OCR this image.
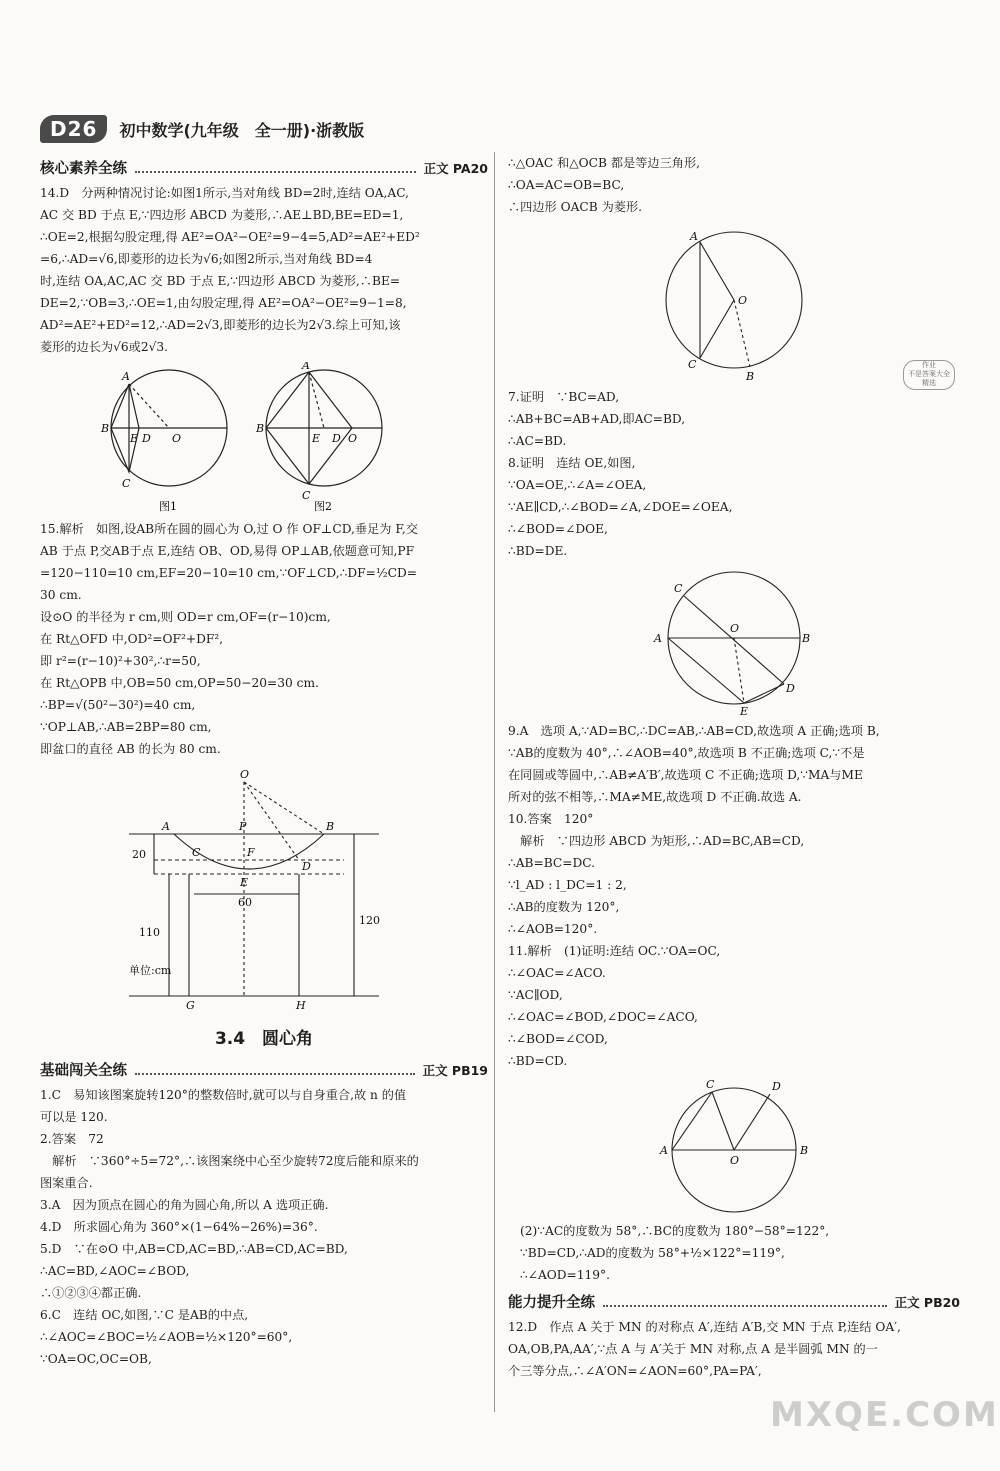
D26	初中数学(九年级　全一册)·浙教版
核心素养全练	正文 PA20
14.D　分两种情况讨论:如图1所示,当对角线 BD=2时,连结 OA,AC,
AC 交 BD 于点 E,∵四边形 ABCD 为菱形,∴AE⊥BD,BE=ED=1,
∴OE=2,根据勾股定理,得 AE²=OA²−OE²=9−4=5,AD²=AE²+ED²
=6,∴AD=√6,即菱形的边长为√6;如图2所示,当对角线 BD=4
时,连结 OA,AC,AC 交 BD 于点 E,∵四边形 ABCD 为菱形,∴BE=
DE=2,∵OB=3,∴OE=1,由勾股定理,得 AE²=OA²−OE²=9−1=8,
AD²=AE²+ED²=12,∴AD=2√3,即菱形的边长为2√3.综上可知,该
菱形的边长为√6或2√3.
A
B
C
D
E	O
A
B
C
D
E	O
图1	图2
15.解析　如图,设AB所在圆的圆心为 O,过 O 作 OF⊥CD,垂足为 F,交
AB 于点 P,交AB于点 E,连结 OB、OD,易得 OP⊥AB,依题意可知,PF
=120−110=10 cm,EF=20−10=10 cm,∵OF⊥CD,∴DF=½CD=
30 cm.
设⊙O 的半径为 r cm,则 OD=r cm,OF=(r−10)cm,
在 Rt△OFD 中,OD²=OF²+DF²,
即 r²=(r−10)²+30²,∴r=50,
在 Rt△OPB 中,OB=50 cm,OP=50−20=30 cm.
∴BP=√(50²−30²)=40 cm,
∵OP⊥AB,∴AB=2BP=80 cm,
即盆口的直径 AB 的长为 80 cm.
A	P	B
O
C	F
D
E
G	H
20
60
110
120
单位:cm
3.4　圆心角
基础闯关全练	正文 PB19
1.C　易知该图案旋转120°的整数倍时,就可以与自身重合,故 n 的值
可以是 120.
2.答案　72
　解析　∵360°÷5=72°,∴该图案绕中心至少旋转72度后能和原来的
图案重合.
3.A　因为顶点在圆心的角为圆心角,所以 A 选项正确.
4.D　所求圆心角为 360°×(1−64%−26%)=36°.
5.D　∵在⊙O 中,AB=CD,AC=BD,∴AB=CD,AC=BD,
∴AC=BD,∠AOC=∠BOD,
∴①②③④都正确.
6.C　连结 OC,如图,∵C 是AB的中点,
∴∠AOC=∠BOC=½∠AOB=½×120°=60°,
∵OA=OC,OC=OB,
∴△OAC 和△OCB 都是等边三角形,
∴OA=AC=OB=BC,
∴四边形 OACB 为菱形.
A
O
C
B
7.证明　∵BC=AD,
∴AB+BC=AB+AD,即AC=BD,
∴AC=BD.
8.证明　连结 OE,如图,
∵OA=OE,∴∠A=∠OEA,
∵AE∥CD,∴∠BOD=∠A,∠DOE=∠OEA,
∴∠BOD=∠DOE,
∴BD=DE.
C
O
A	B
D
E
9.A　选项 A,∵AD=BC,∴DC=AB,∴AB=CD,故选项 A 正确;选项 B,
∵AB的度数为 40°,∴∠AOB=40°,故选项 B 不正确;选项 C,∵不是
在同圆或等圆中,∴AB≠A′B′,故选项 C 不正确;选项 D,∵MA与ME
所对的弦不相等,∴MA≠ME,故选项 D 不正确.故选 A.
10.答案　120°
　解析　∵四边形 ABCD 为矩形,∴AD=BC,AB=CD,
∴AB=BC=DC.
∵l_AD : l_DC=1 : 2,
∴AB的度数为 120°,
∴∠AOB=120°.
11.解析　(1)证明:连结 OC.∵OA=OC,
∴∠OAC=∠ACO.
∵AC∥OD,
∴∠OAC=∠BOD,∠DOC=∠ACO,
∴∠BOD=∠COD,
∴BD=CD.
C	D
A	B
O
(2)∵AC的度数为 58°,∴BC的度数为 180°−58°=122°,
∵BD=CD,∴AD的度数为 58°+½×122°=119°,
∴∠AOD=119°.
能力提升全练	正文 PB20
12.D　作点 A 关于 MN 的对称点 A′,连结 A′B,交 MN 于点 P,连结 OA′,
OA,OB,PA,AA′,∵点 A 与 A′关于 MN 对称,点 A 是半圆弧 MN 的一
个三等分点,∴∠A′ON=∠AON=60°,PA=PA′,
作业
不是答案大全
精选
MXQE.COM
